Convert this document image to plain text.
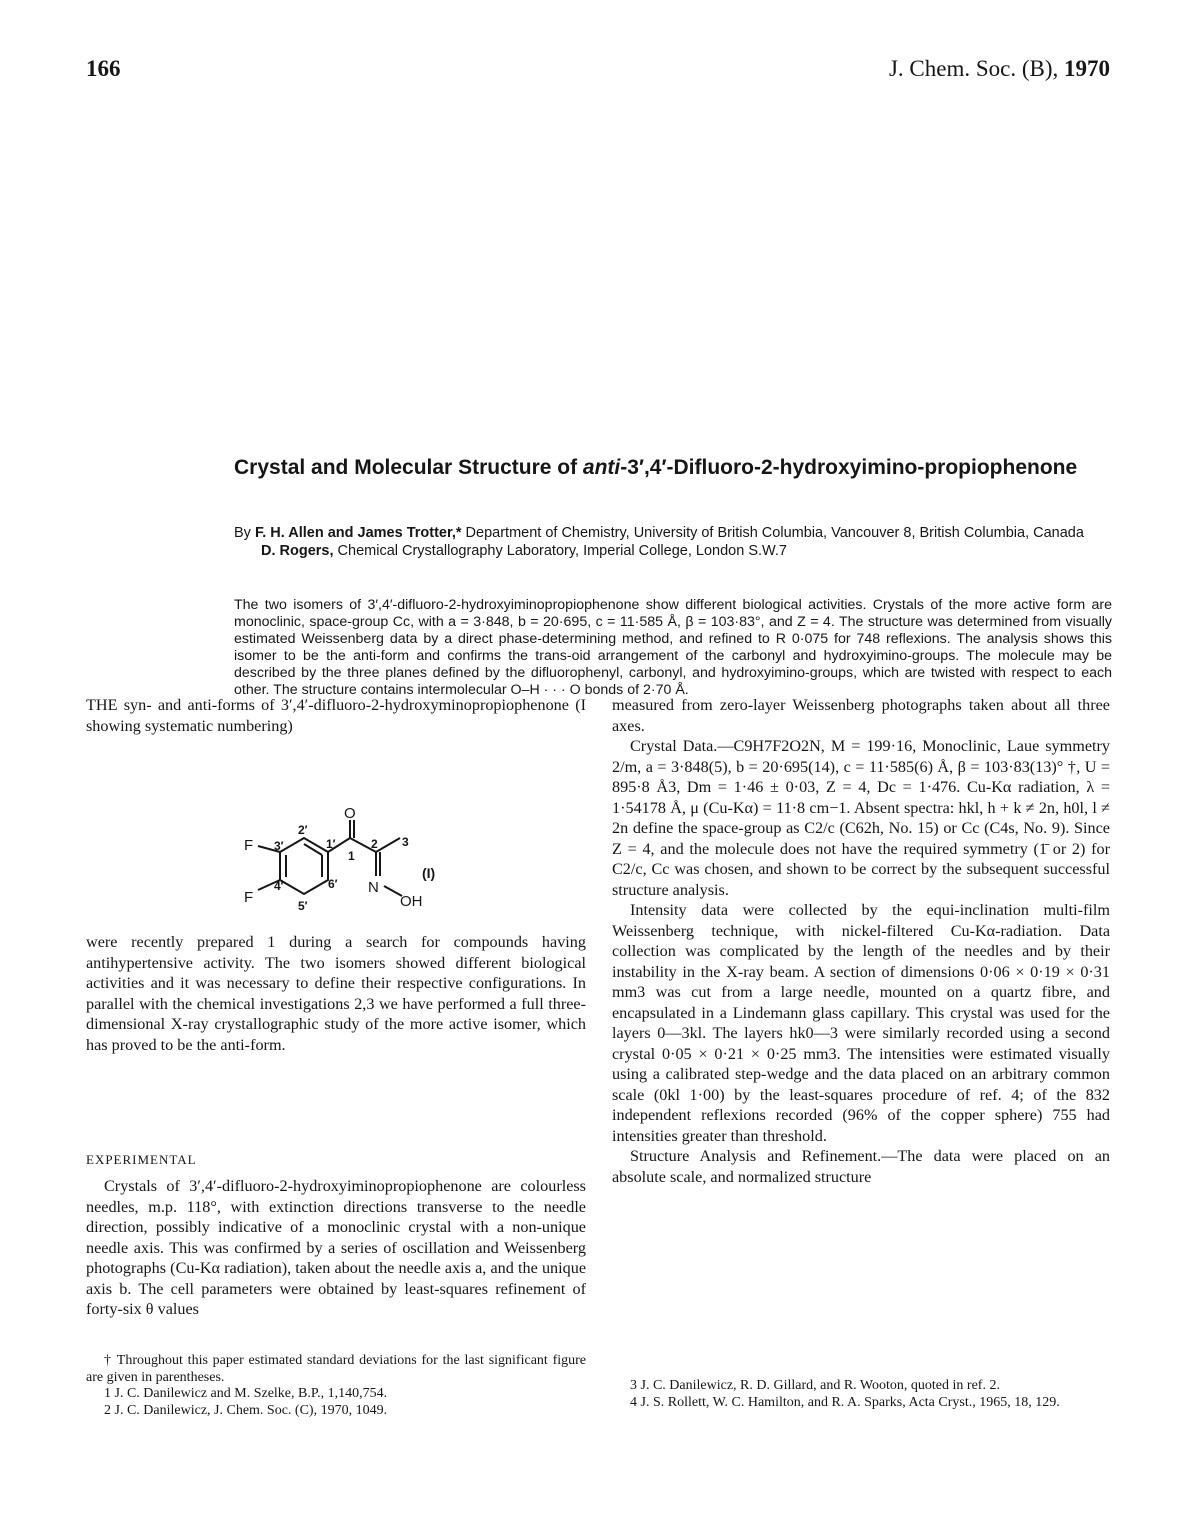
166	J. Chem. Soc. (B), 1970
Crystal and Molecular Structure of anti-3′,4′-Difluoro-2-hydroxyimino-propiophenone
By F. H. Allen and James Trotter,* Department of Chemistry, University of British Columbia, Vancouver 8, British Columbia, Canada
D. Rogers, Chemical Crystallography Laboratory, Imperial College, London S.W.7
The two isomers of 3′,4′-difluoro-2-hydroxyiminopropiophenone show different biological activities. Crystals of the more active form are monoclinic, space-group Cc, with a = 3·848, b = 20·695, c = 11·585 Å, β = 103·83°, and Z = 4. The structure was determined from visually estimated Weissenberg data by a direct phase-determining method, and refined to R 0·075 for 748 reflexions. The analysis shows this isomer to be the anti-form and confirms the trans-oid arrangement of the carbonyl and hydroxyimino-groups. The molecule may be described by the three planes defined by the difluorophenyl, carbonyl, and hydroxyimino-groups, which are twisted with respect to each other. The structure contains intermolecular O–H · · · O bonds of 2·70 Å.
THE syn- and anti-forms of 3′,4′-difluoro-2-hydroxyminopropiophenone (I showing systematic numbering)
F
F
O
N
OH
1
2 3
1′
2′
3′
4′
5′
6′
(I)
were recently prepared 1 during a search for compounds having antihypertensive activity. The two isomers showed different biological activities and it was necessary to define their respective configurations. In parallel with the chemical investigations 2,3 we have performed a full three-dimensional X-ray crystallographic study of the more active isomer, which has proved to be the anti-form.
EXPERIMENTAL

Crystals of 3′,4′-difluoro-2-hydroxyiminopropiophenone are colourless needles, m.p. 118°, with extinction directions transverse to the needle direction, possibly indicative of a monoclinic crystal with a non-unique needle axis. This was confirmed by a series of oscillation and Weissenberg photographs (Cu-Kα radiation), taken about the needle axis a, and the unique axis b. The cell parameters were obtained by least-squares refinement of forty-six θ values

measured from zero-layer Weissenberg photographs taken about all three axes.

Crystal Data.—C9H7F2O2N, M = 199·16, Monoclinic, Laue symmetry 2/m, a = 3·848(5), b = 20·695(14), c = 11·585(6) Å, β = 103·83(13)° †, U = 895·8 Å3, Dm = 1·46 ± 0·03, Z = 4, Dc = 1·476. Cu-Kα radiation, λ = 1·54178 Å, μ (Cu-Kα) = 11·8 cm−1. Absent spectra: hkl, h + k ≠ 2n, h0l, l ≠ 2n define the space-group as C2/c (C62h, No. 15) or Cc (C4s, No. 9). Since Z = 4, and the molecule does not have the required symmetry (1̄ or 2) for C2/c, Cc was chosen, and shown to be correct by the subsequent successful structure analysis.

Intensity data were collected by the equi-inclination multi-film Weissenberg technique, with nickel-filtered Cu-Kα-radiation. Data collection was complicated by the length of the needles and by their instability in the X-ray beam. A section of dimensions 0·06 × 0·19 × 0·31 mm3 was cut from a large needle, mounted on a quartz fibre, and encapsulated in a Lindemann glass capillary. This crystal was used for the layers 0—3kl. The layers hk0—3 were similarly recorded using a second crystal 0·05 × 0·21 × 0·25 mm3. The intensities were estimated visually using a calibrated step-wedge and the data placed on an arbitrary common scale (0kl 1·00) by the least-squares procedure of ref. 4; of the 832 independent reflexions recorded (96% of the copper sphere) 755 had intensities greater than threshold.

Structure Analysis and Refinement.—The data were placed on an absolute scale, and normalized structure

† Throughout this paper estimated standard deviations for the last significant figure are given in parentheses.

1 J. C. Danilewicz and M. Szelke, B.P., 1,140,754.

2 J. C. Danilewicz, J. Chem. Soc. (C), 1970, 1049.

3 J. C. Danilewicz, R. D. Gillard, and R. Wooton, quoted in ref. 2.

4 J. S. Rollett, W. C. Hamilton, and R. A. Sparks, Acta Cryst., 1965, 18, 129.
